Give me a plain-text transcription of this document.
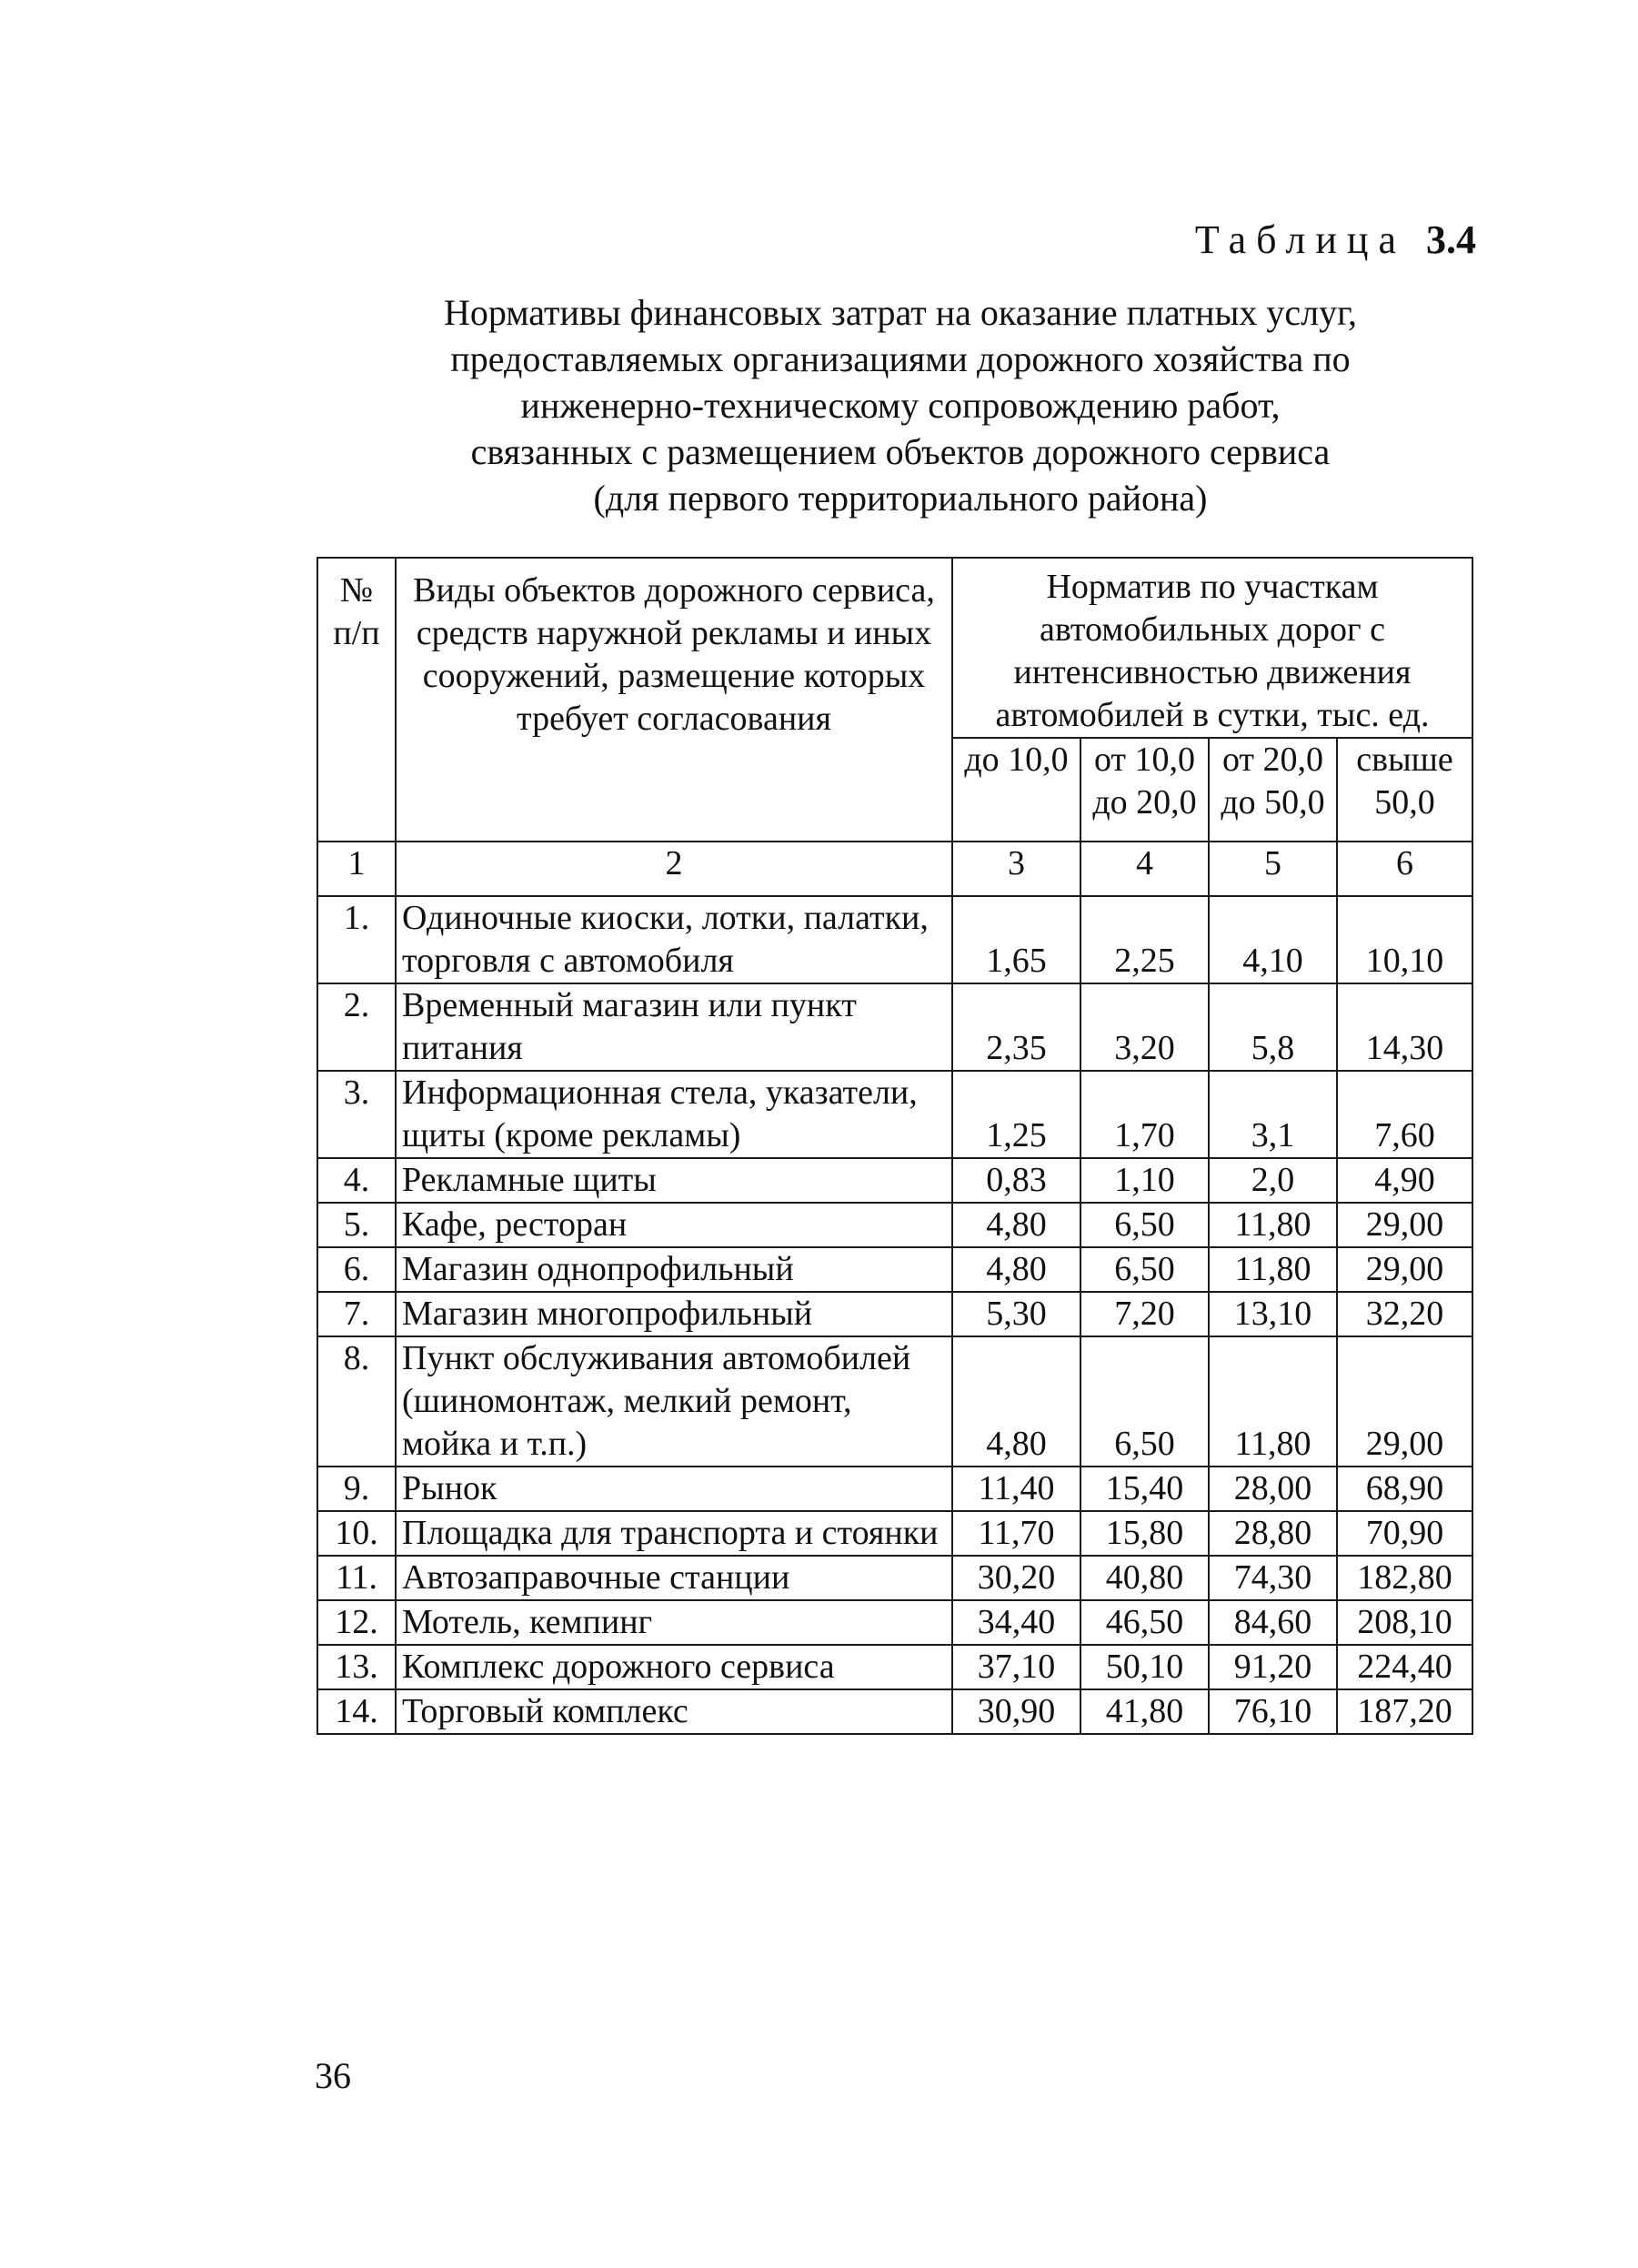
Таблица 3.4
Нормативы финансовых затрат на оказание платных услуг,
предоставляемых организациями дорожного хозяйства по
инженерно-техническому сопровождению работ,
связанных с размещением объектов дорожного сервиса
(для первого территориального района)
№ п/п	Виды объектов дорожного сервиса, средств наружной рекламы и иных сооружений, размещение которых требует согласования	Норматив по участкам автомобильных дорог с интенсивностью движения автомобилей в сутки, тыс. ед.			
		до 10,0	от 10,0 до 20,0	от 20,0 до 50,0	свыше 50,0
1	2	3	4	5	6
1.	Одиночные киоски, лотки, палатки, торговля с автомобиля	1,65	2,25	4,10	10,10
2.	Временный магазин или пункт питания	2,35	3,20	5,8	14,30
3.	Информационная стела, указатели, щиты (кроме рекламы)	1,25	1,70	3,1	7,60
4.	Рекламные щиты	0,83	1,10	2,0	4,90
5.	Кафе, ресторан	4,80	6,50	11,80	29,00
6.	Магазин однопрофильный	4,80	6,50	11,80	29,00
7.	Магазин многопрофильный	5,30	7,20	13,10	32,20
8.	Пункт обслуживания автомобилей (шиномонтаж, мелкий ремонт, мойка и т.п.)	4,80	6,50	11,80	29,00
9.	Рынок	11,40	15,40	28,00	68,90
10.	Площадка для транспорта и стоянки	11,70	15,80	28,80	70,90
11.	Автозаправочные станции	30,20	40,80	74,30	182,80
12.	Мотель, кемпинг	34,40	46,50	84,60	208,10
13.	Комплекс дорожного сервиса	37,10	50,10	91,20	224,40
14.	Торговый комплекс	30,90	41,80	76,10	187,20

36
